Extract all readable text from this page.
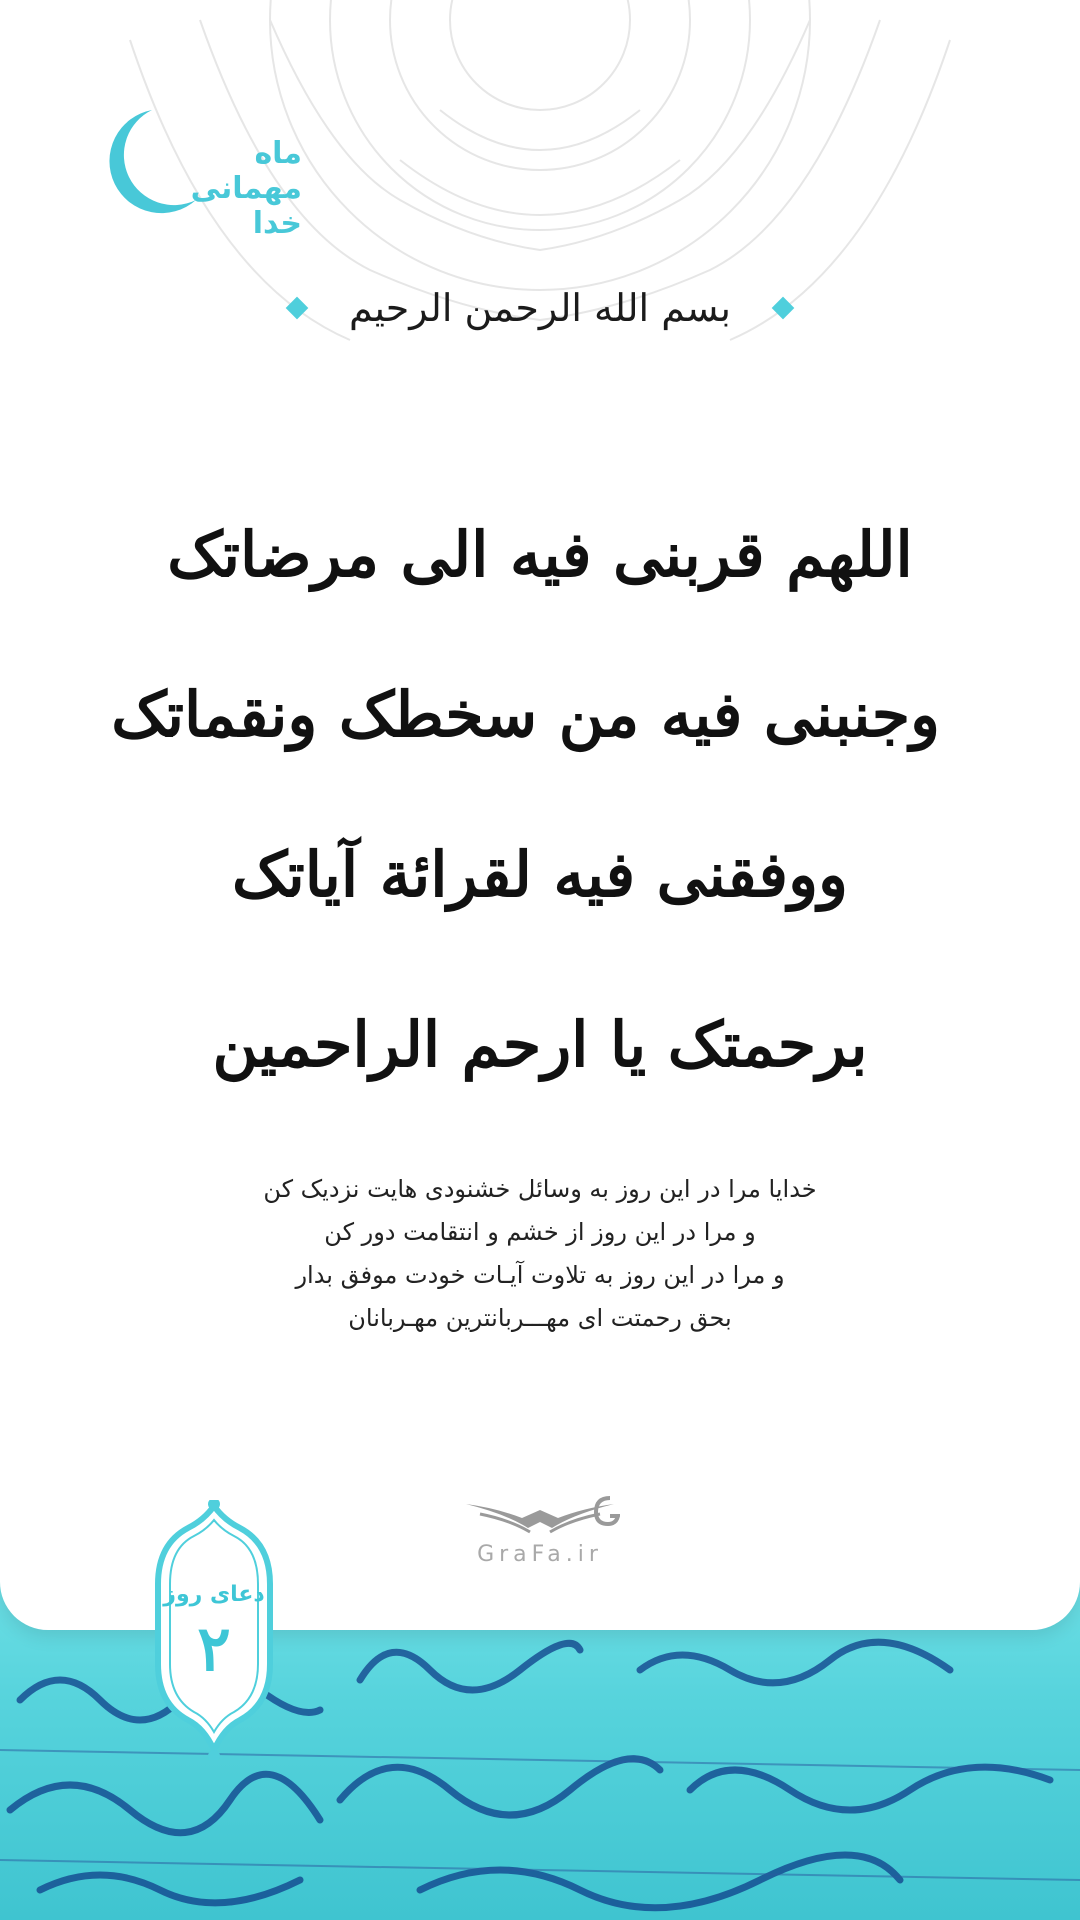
ماه مهمانی خدا
بسم الله الرحمن الرحیم
اللهم قربنی فیه الی مرضاتک
وجنبنی فیه من سخطک ونقماتک
ووفقنی فیه لقرائة آیاتک
برحمتک یا ارحم الراحمین
خدایا مرا در این روز به وسائل خشنودی هایت نزدیک کن
و مرا در این روز از خشم و انتقامت دور کن
و مرا در این روز به تلاوت آیـات خودت موفق بدار
بحق رحمتت ای مهـــربانترین مهـربانان
GraFa.ir
دعای روز
۲
